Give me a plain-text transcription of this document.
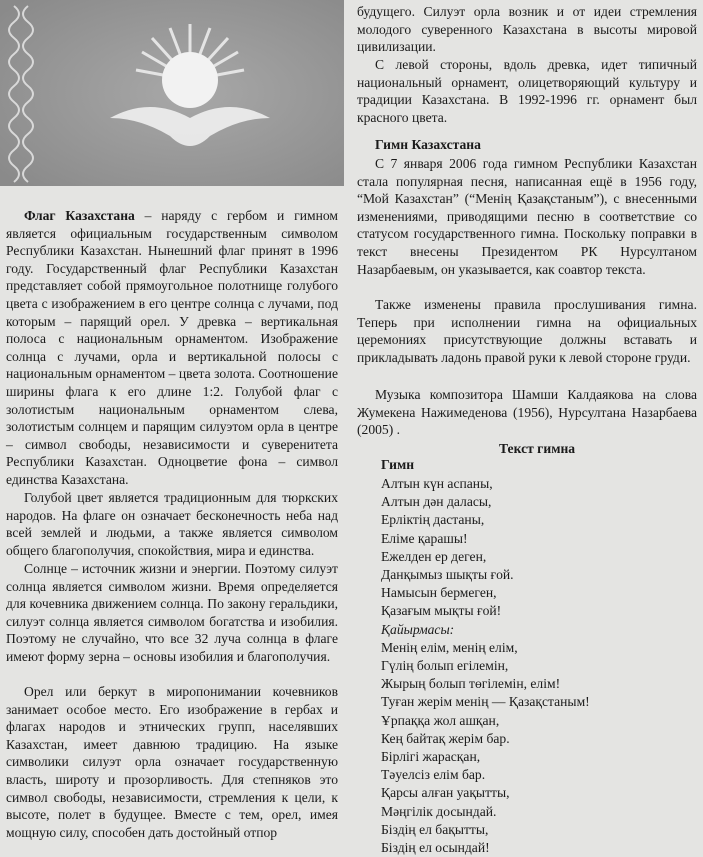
Флаг Казахстана – наряду с гербом и гимном является официальным государственным символом Республики Казахстан. Нынешний флаг принят в 1996 году. Государственный флаг Республики Казахстан представляет собой прямоугольное полотнище голубого цвета с изображением в его центре солнца с лучами, под которым – парящий орел. У древка – вертикальная полоса с национальным орнаментом. Изображение солнца с лучами, орла и вертикальной полосы с национальным орнаментом – цвета золота. Соотношение ширины флага к его длине 1:2. Голубой флаг с золотистым национальным орнаментом слева, золотистым солнцем и парящим силуэтом орла в центре – символ свободы, независимости и суверенитета Республики Казахстан. Одноцветие фона – символ единства Казахстана.

Голубой цвет является традиционным для тюркских народов. На флаге он означает бесконечность неба над всей землей и людьми, а также является символом общего благополучия, спокойствия, мира и единства.

Солнце – источник жизни и энергии. Поэтому силуэт солнца является символом жизни. Время определяется для кочевника движением солнца. По закону геральдики, силуэт солнца является символом богатства и изобилия. Поэтому не случайно, что все 32 луча солнца в флаге имеют форму зерна – основы изобилия и благополучия.

Орел или беркут в миропонимании кочевников занимает особое место. Его изображение в гербах и флагах народов и этнических групп, населявших Казахстан, имеет давнюю традицию. На языке символики силуэт орла означает государственную власть, широту и прозорливость. Для степняков это символ свободы, независимости, стремления к цели, к высоте, полет в будущее. Вместе с тем, орел, имея мощную силу, способен дать достойный отпор

будущего. Силуэт орла возник и от идеи стремления молодого суверенного Казахстана в высоты мировой цивилизации.

С левой стороны, вдоль древка, идет типичный национальный орнамент, олицетворяющий культуру и традиции Казахстана. В 1992-1996 гг. орнамент был красного цвета.

Гимн Казахстана

С 7 января 2006 года гимном Республики Казахстан стала популярная песня, написанная ещё в 1956 году, “Мой Казахстан” (“Менің Қазақстаным”), с внесенными изменениями, приводящими песню в соответствие со статусом государственного гимна. Поскольку поправки в текст внесены Президентом РК Нурсултаном Назарбаевым, он указывается, как соавтор текста.

Также изменены правила прослушивания гимна. Теперь при исполнении гимна на официальных церемониях присутствующие должны вставать и прикладывать ладонь правой руки к левой стороне груди.

Музыка композитора Шамши Калдаякова на слова Жумекена Нажимеденова (1956), Нурсултана Назарбаева (2005) .

Текст гимна
Гимн
Алтын күн аспаны,
Алтын дән даласы,
Ерліктің дастаны,
Еліме қарашы!
Ежелден ер деген,
Данқымыз шықты ғой.
Намысын бермеген,
Қазағым мықты ғой!
Қайырмасы:
Менің елім, менің елім,
Гүлің болып егілемін,
Жырың болып төгілемін, елім!
Туған жерім менің — Қазақстаным!
Ұрпаққа жол ашқан,
Кең байтақ жерім бар.
Бірлігі жарасқан,
Тәуелсіз елім бар.
Қарсы алған уақытты,
Мәңгілік досындай.
Біздің ел бақытты,
Біздің ел осындай!
